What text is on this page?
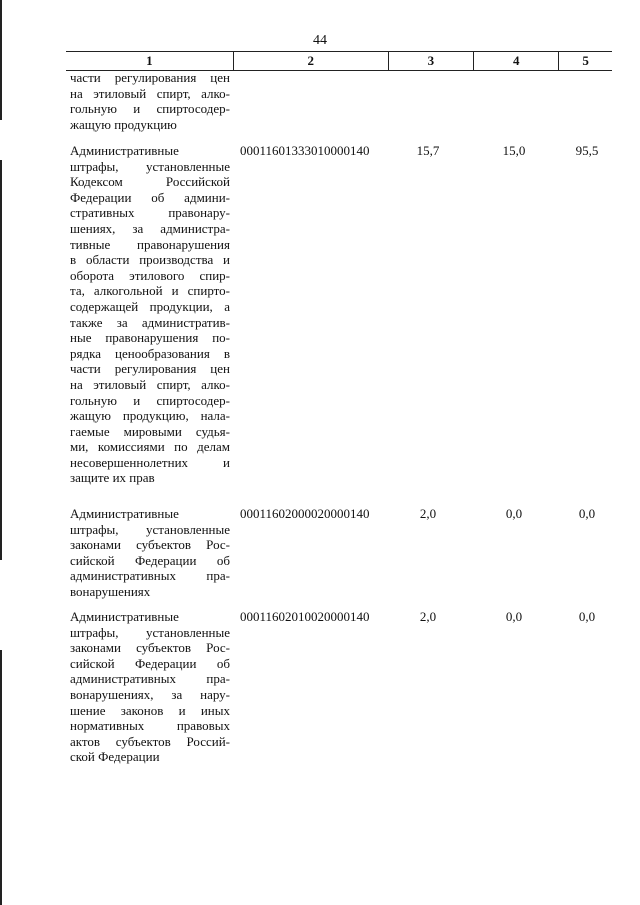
44
1	2	3	4	5
части регулирования цен
на этиловый спирт, алко-
гольную и спиртосодер-
жащую продукцию
Административные
штрафы, установленные
Кодексом Российской
Федерации об админи-
стративных правонару-
шениях, за администра-
тивные правонарушения
в области производства и
оборота этилового спир-
та, алкогольной и спирто-
содержащей продукции, а
также за административ-
ные правонарушения по-
рядка ценообразования в
части регулирования цен
на этиловый спирт, алко-
гольную и спиртосодер-
жащую продукцию, нала-
гаемые мировыми судья-
ми, комиссиями по делам
несовершеннолетних и
защите их прав
00011601333010000140	15,7	15,0	95,5
Административные
штрафы, установленные
законами субъектов Рос-
сийской Федерации об
административных пра-
вонарушениях
00011602000020000140	2,0	0,0	0,0
Административные
штрафы, установленные
законами субъектов Рос-
сийской Федерации об
административных пра-
вонарушениях, за нару-
шение законов и иных
нормативных правовых
актов субъектов Россий-
ской Федерации
00011602010020000140	2,0	0,0	0,0
